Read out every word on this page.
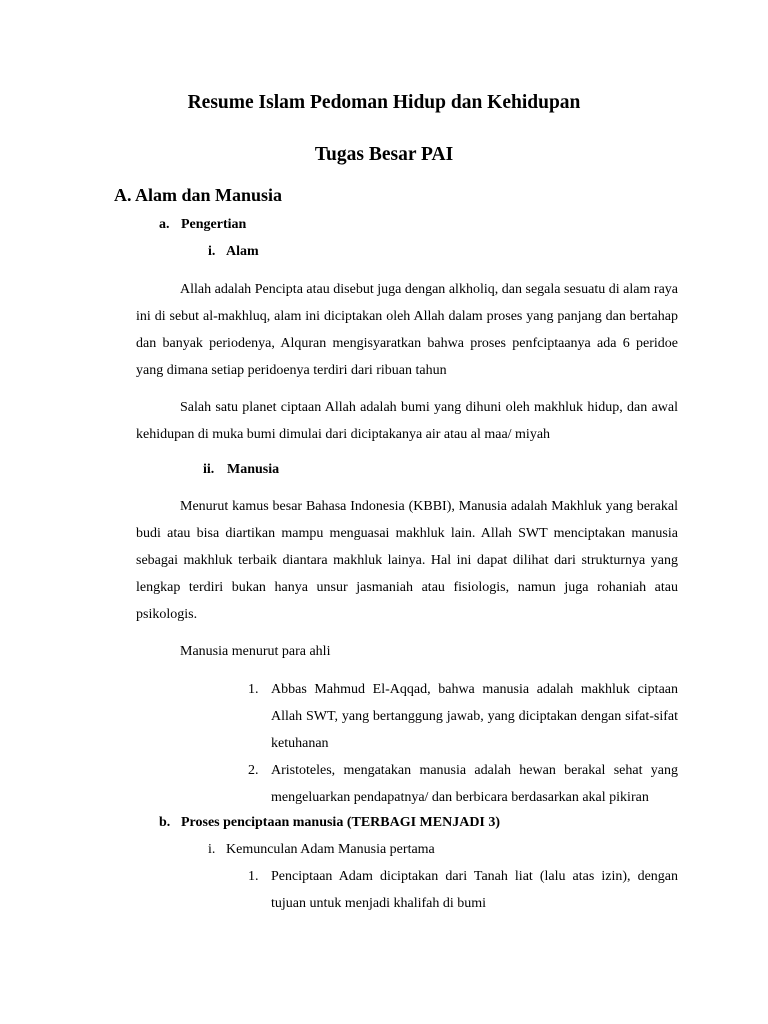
Resume Islam Pedoman Hidup dan Kehidupan
Tugas Besar PAI
A. Alam dan Manusia

a. Pengertian

i. Alam

Allah adalah Pencipta atau disebut juga dengan alkholiq, dan segala sesuatu di alam raya ini di sebut al-makhluq, alam ini diciptakan oleh Allah dalam proses yang panjang dan bertahap dan banyak periodenya, Alquran mengisyaratkan bahwa proses penfciptaanya ada 6 peridoe yang dimana setiap peridoenya terdiri dari ribuan tahun

Salah satu planet ciptaan Allah adalah bumi yang dihuni oleh makhluk hidup, dan awal kehidupan di muka bumi dimulai dari diciptakanya air atau al maa/ miyah

ii. Manusia

Menurut kamus besar Bahasa Indonesia (KBBI), Manusia adalah Makhluk yang berakal budi atau bisa diartikan mampu menguasai makhluk lain. Allah SWT menciptakan manusia sebagai makhluk terbaik diantara makhluk lainya. Hal ini dapat dilihat dari strukturnya yang lengkap terdiri bukan hanya unsur jasmaniah atau fisiologis, namun juga rohaniah atau psikologis.

Manusia menurut para ahli

1. Abbas Mahmud El-Aqqad, bahwa manusia adalah makhluk ciptaan Allah SWT, yang bertanggung jawab, yang diciptakan dengan sifat-sifat ketuhanan
2. Aristoteles, mengatakan manusia adalah hewan berakal sehat yang mengeluarkan pendapatnya/ dan berbicara berdasarkan akal pikiran

b. Proses penciptaan manusia (TERBAGI MENJADI 3)

i. Kemunculan Adam Manusia pertama

1. Penciptaan Adam diciptakan dari Tanah liat (lalu atas izin), dengan tujuan untuk menjadi khalifah di bumi
